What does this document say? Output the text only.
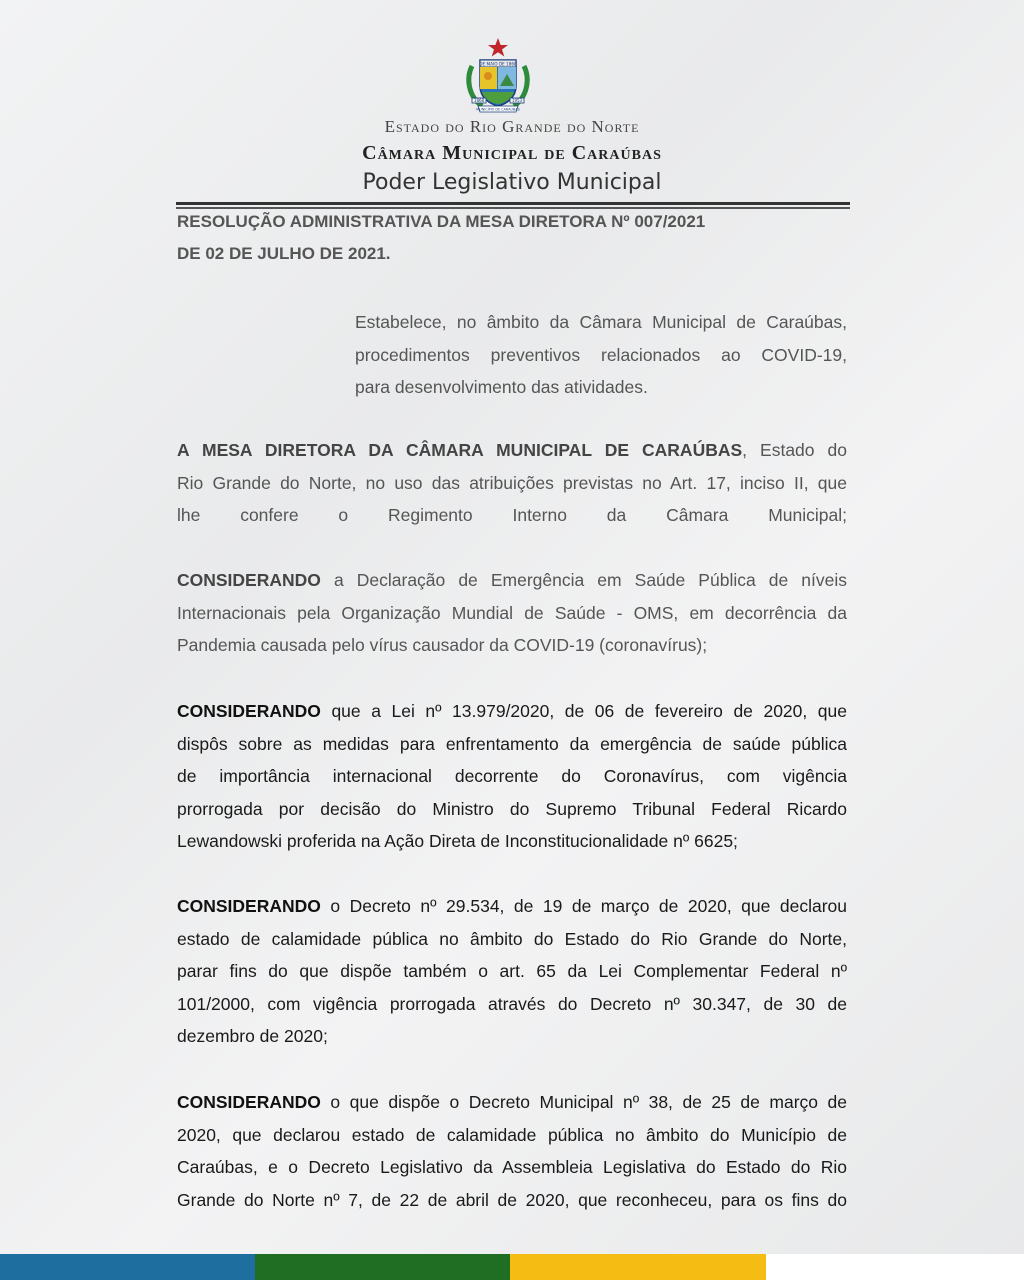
DE MAIO DE 1868
1868	1953
MUNICÍPIO DE CARAÚBAS
Estado do Rio Grande do Norte
Câmara Municipal de Caraúbas
Poder Legislativo Municipal
RESOLUÇÃO ADMINISTRATIVA DA MESA DIRETORA Nº 007/2021
DE 02 DE JULHO DE 2021.
Estabelece, no âmbito da Câmara Municipal de Caraúbas,
procedimentos preventivos relacionados ao COVID-19,
para desenvolvimento das atividades.
A MESA DIRETORA DA CÂMARA MUNICIPAL DE CARAÚBAS, Estado do
Rio Grande do Norte, no uso das atribuições previstas no Art. 17, inciso II, que
lhe confere o Regimento Interno da Câmara Municipal;
CONSIDERANDO a Declaração de Emergência em Saúde Pública de níveis
Internacionais pela Organização Mundial de Saúde - OMS, em decorrência da
Pandemia causada pelo vírus causador da COVID-19 (coronavírus);
CONSIDERANDO que a Lei nº 13.979/2020, de 06 de fevereiro de 2020, que
dispôs sobre as medidas para enfrentamento da emergência de saúde pública
de importância internacional decorrente do Coronavírus, com vigência
prorrogada por decisão do Ministro do Supremo Tribunal Federal Ricardo
Lewandowski proferida na Ação Direta de Inconstitucionalidade nº 6625;
CONSIDERANDO o Decreto nº 29.534, de 19 de março de 2020, que declarou
estado de calamidade pública no âmbito do Estado do Rio Grande do Norte,
parar fins do que dispõe também o art. 65 da Lei Complementar Federal nº
101/2000, com vigência prorrogada através do Decreto nº 30.347, de 30 de
dezembro de 2020;
CONSIDERANDO o que dispõe o Decreto Municipal nº 38, de 25 de março de
2020, que declarou estado de calamidade pública no âmbito do Município de
Caraúbas, e o Decreto Legislativo da Assembleia Legislativa do Estado do Rio
Grande do Norte nº 7, de 22 de abril de 2020, que reconheceu, para os fins do
